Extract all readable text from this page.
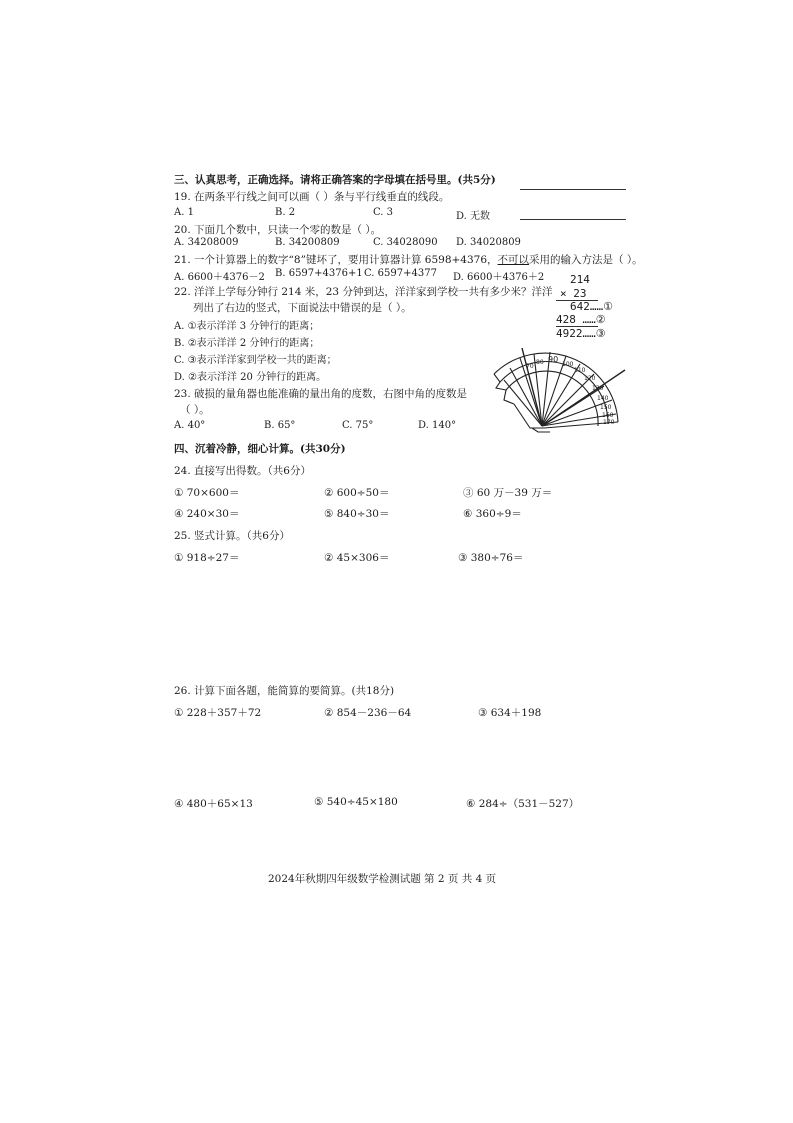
三、认真思考，正确选择。请将正确答案的字母填在括号里。(共5分)
19. 在两条平行线之间可以画（ ）条与平行线垂直的线段。
A. 1	B. 2	C. 3	D. 无数
20. 下面几个数中，只读一个零的数是（ ）。
A. 34208009	B. 34200809	C. 34028090 D. 34020809
21. 一个计算器上的数字“8”键坏了，要用计算器计算 6598+4376，不可以采用的输入方法是（ ）。
A. 6600＋4376－2 B. 6597+4376+1 C. 6597+4377 D. 6600＋4376＋2
22. 洋洋上学每分钟行 214 米，23 分钟到达，洋洋家到学校一共有多少米？洋洋
列出了右边的竖式，下面说法中错误的是（ ）。
A. ①表示洋洋 3 分钟行的距离；
B. ②表示洋洋 2 分钟行的距离；
C. ③表示洋洋家到学校一共的距离；
D. ②表示洋洋 20 分钟行的距离。
214
× 23
642……①
428 ……②
4922……③
23. 破损的量角器也能准确的量出角的度数，右图中角的度数是
（ ）。
A. 40°	B. 65°	C. 75°	D. 140°
70
80 90
100
110
120
130
140
150
160
170
四、沉着冷静，细心计算。(共30分)
24. 直接写出得数。（共6分）
① 70×600＝	② 600÷50＝	③ 60 万－39 万＝
④ 240×30＝	⑤ 840÷30＝	⑥ 360÷9＝
25. 竖式计算。（共6分）
① 918÷27＝	② 45×306＝	③ 380÷76＝
26. 计算下面各题，能简算的要简算。(共18分)
① 228＋357＋72	② 854－236－64	③ 634＋198
④ 480＋65×13	⑤ 540÷45×180	⑥ 284÷（531－527）
2024年秋期四年级数学检测试题 第 2 页 共 4 页
